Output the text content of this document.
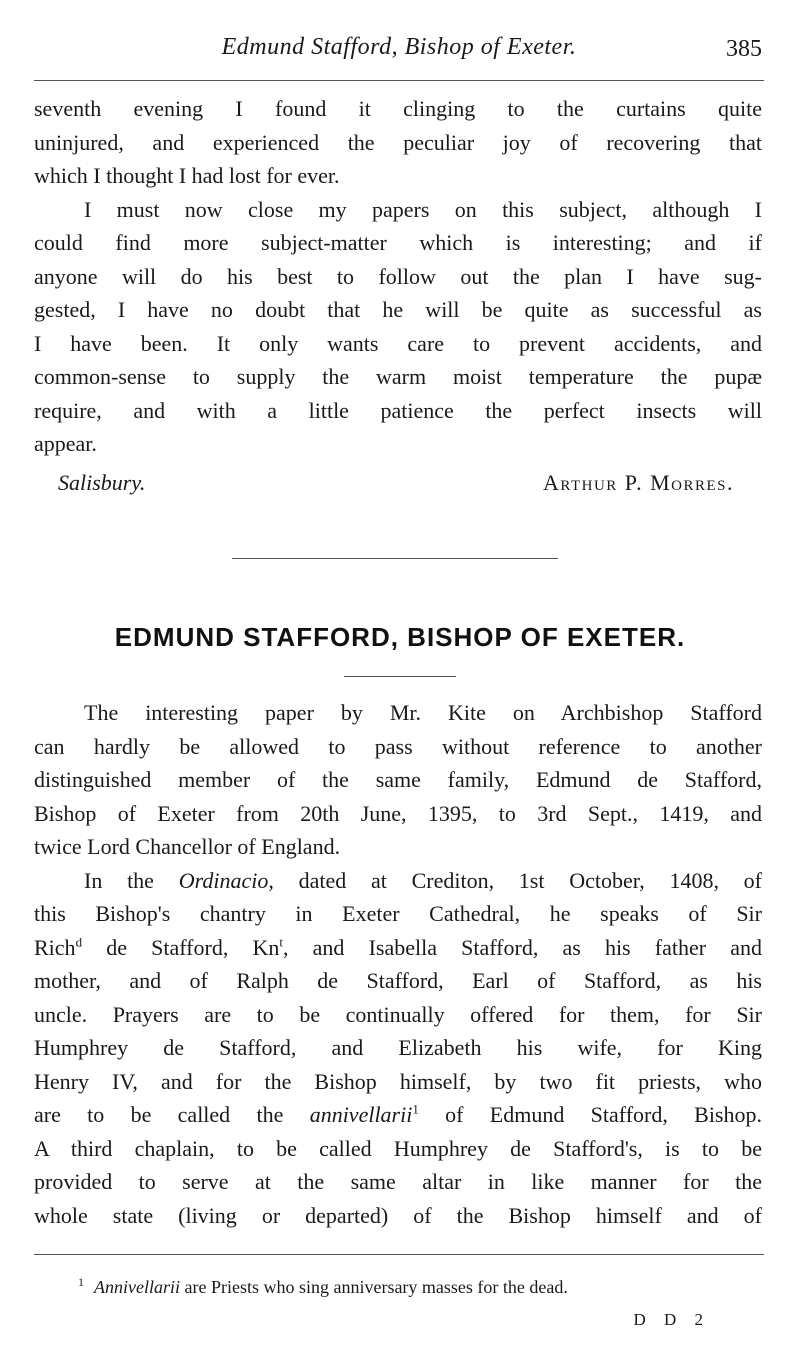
Edmund Stafford, Bishop of Exeter.	385
seventh evening I found it clinging to the curtains quite
uninjured, and experienced the peculiar joy of recovering that
which I thought I had lost for ever.
I must now close my papers on this subject, although I
could find more subject-matter which is interesting; and if
anyone will do his best to follow out the plan I have sug-
gested, I have no doubt that he will be quite as successful as
I have been. It only wants care to prevent accidents, and
common-sense to supply the warm moist temperature the pupæ
require, and with a little patience the perfect insects will
appear.
Salisbury.	Arthur P. Morres.
EDMUND STAFFORD, BISHOP OF EXETER.
The interesting paper by Mr. Kite on Archbishop Stafford
can hardly be allowed to pass without reference to another
distinguished member of the same family, Edmund de Stafford,
Bishop of Exeter from 20th June, 1395, to 3rd Sept., 1419, and
twice Lord Chancellor of England.
In the Ordinacio, dated at Crediton, 1st October, 1408, of
this Bishop's chantry in Exeter Cathedral, he speaks of Sir
Rich$^d$ de Stafford, Kn$^t$, and Isabella Stafford, as his father and
mother, and of Ralph de Stafford, Earl of Stafford, as his
uncle. Prayers are to be continually offered for them, for Sir
Humphrey de Stafford, and Elizabeth his wife, for King
Henry IV, and for the Bishop himself, by two fit priests, who
are to be called the annivellarii$^1$ of Edmund Stafford, Bishop.
A third chaplain, to be called Humphrey de Stafford's, is to be
provided to serve at the same altar in like manner for the
whole state (living or departed) of the Bishop himself and of
$^1$ Annivellarii are Priests who sing anniversary masses for the dead.
D D 2
